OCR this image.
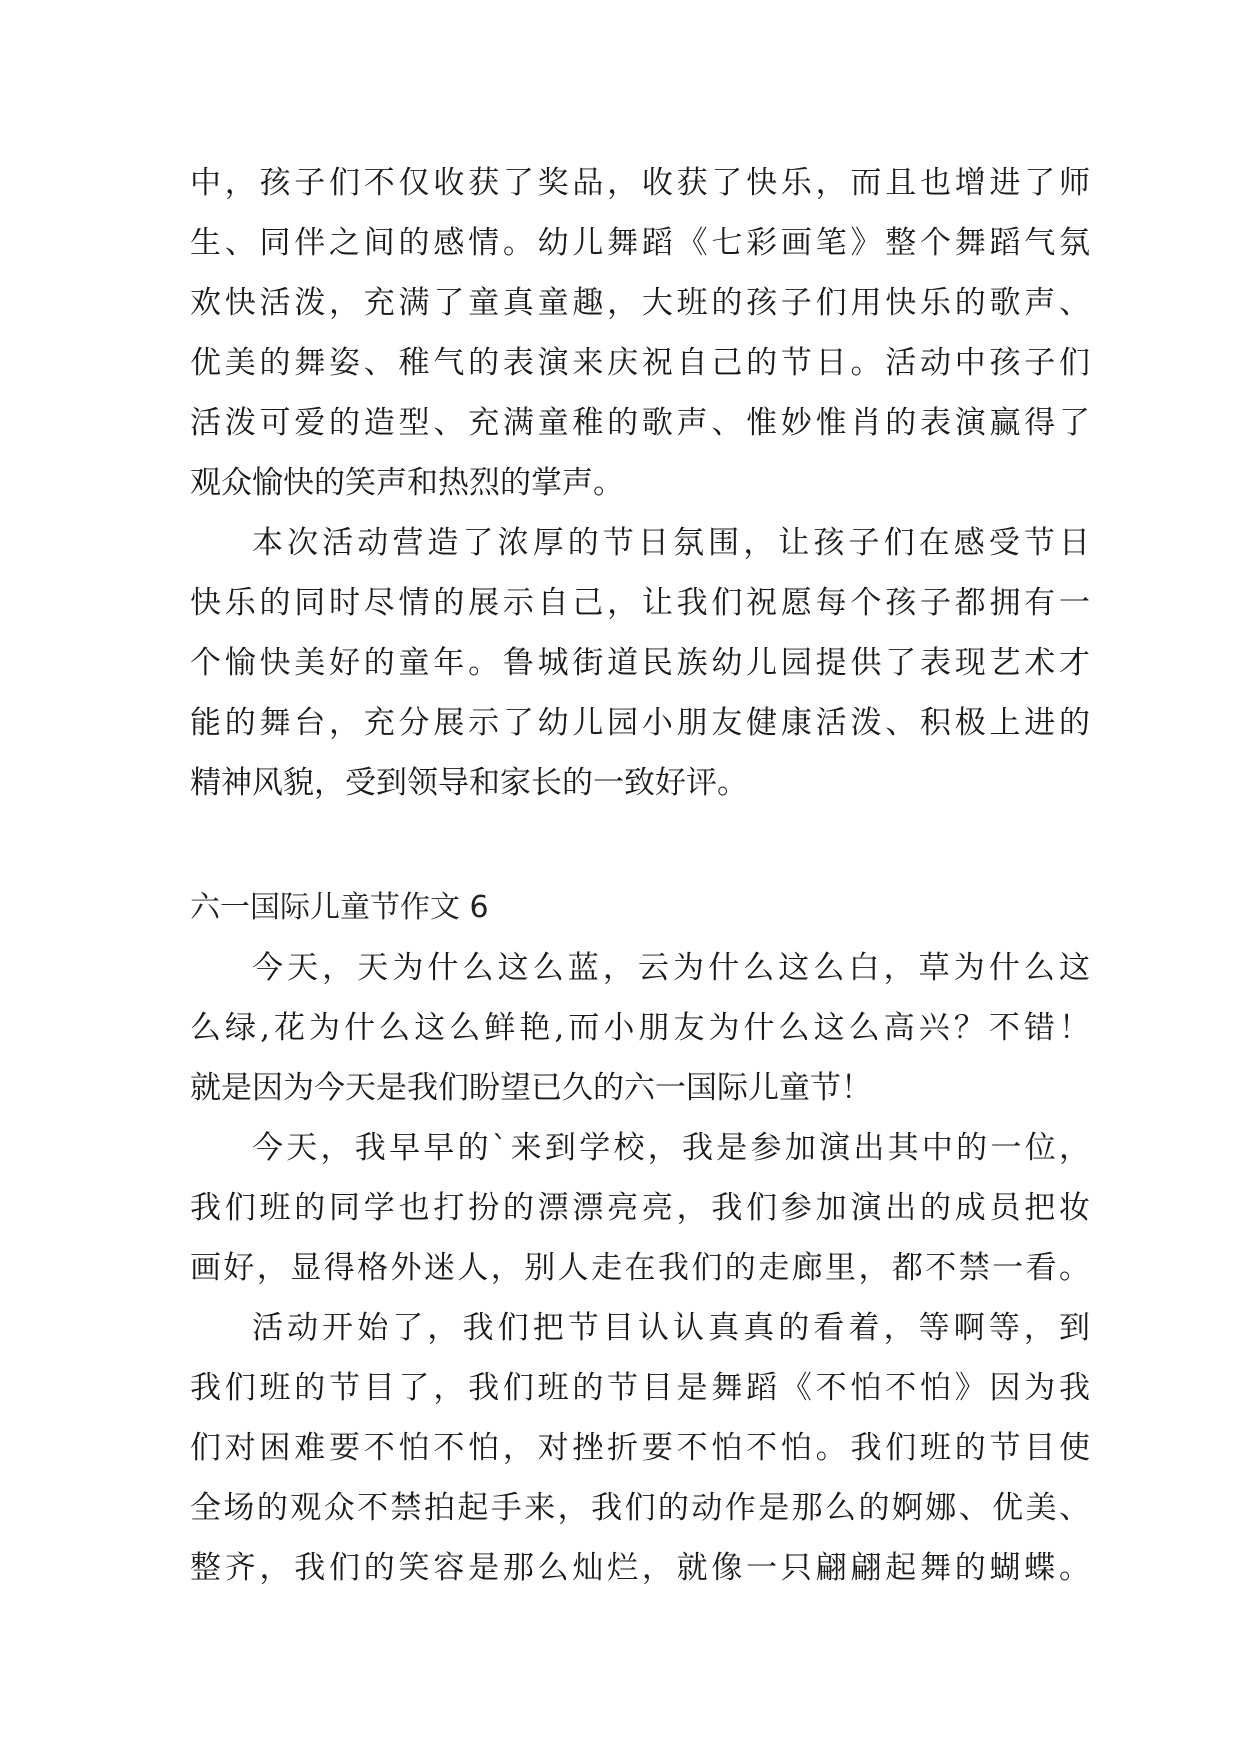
中，孩子们不仅收获了奖品，收获了快乐，而且也增进了师
生、同伴之间的感情。幼儿舞蹈《七彩画笔》整个舞蹈气氛
欢快活泼，充满了童真童趣，大班的孩子们用快乐的歌声、
优美的舞姿、稚气的表演来庆祝自己的节日。活动中孩子们
活泼可爱的造型、充满童稚的歌声、惟妙惟肖的表演赢得了
观众愉快的笑声和热烈的掌声。
本次活动营造了浓厚的节日氛围，让孩子们在感受节日
快乐的同时尽情的展示自己，让我们祝愿每个孩子都拥有一
个愉快美好的童年。鲁城街道民族幼儿园提供了表现艺术才
能的舞台，充分展示了幼儿园小朋友健康活泼、积极上进的
精神风貌，受到领导和家长的一致好评。
六一国际儿童节作文 6
今天，天为什么这么蓝，云为什么这么白，草为什么这
么绿,花为什么这么鲜艳,而小朋友为什么这么高兴？不错！
就是因为今天是我们盼望已久的六一国际儿童节！
今天，我早早的`来到学校，我是参加演出其中的一位，
我们班的同学也打扮的漂漂亮亮，我们参加演出的成员把妆
画好，显得格外迷人，别人走在我们的走廊里，都不禁一看。
活动开始了，我们把节目认认真真的看着，等啊等，到
我们班的节目了，我们班的节目是舞蹈《不怕不怕》因为我
们对困难要不怕不怕，对挫折要不怕不怕。我们班的节目使
全场的观众不禁拍起手来，我们的动作是那么的婀娜、优美、
整齐，我们的笑容是那么灿烂，就像一只翩翩起舞的蝴蝶。
